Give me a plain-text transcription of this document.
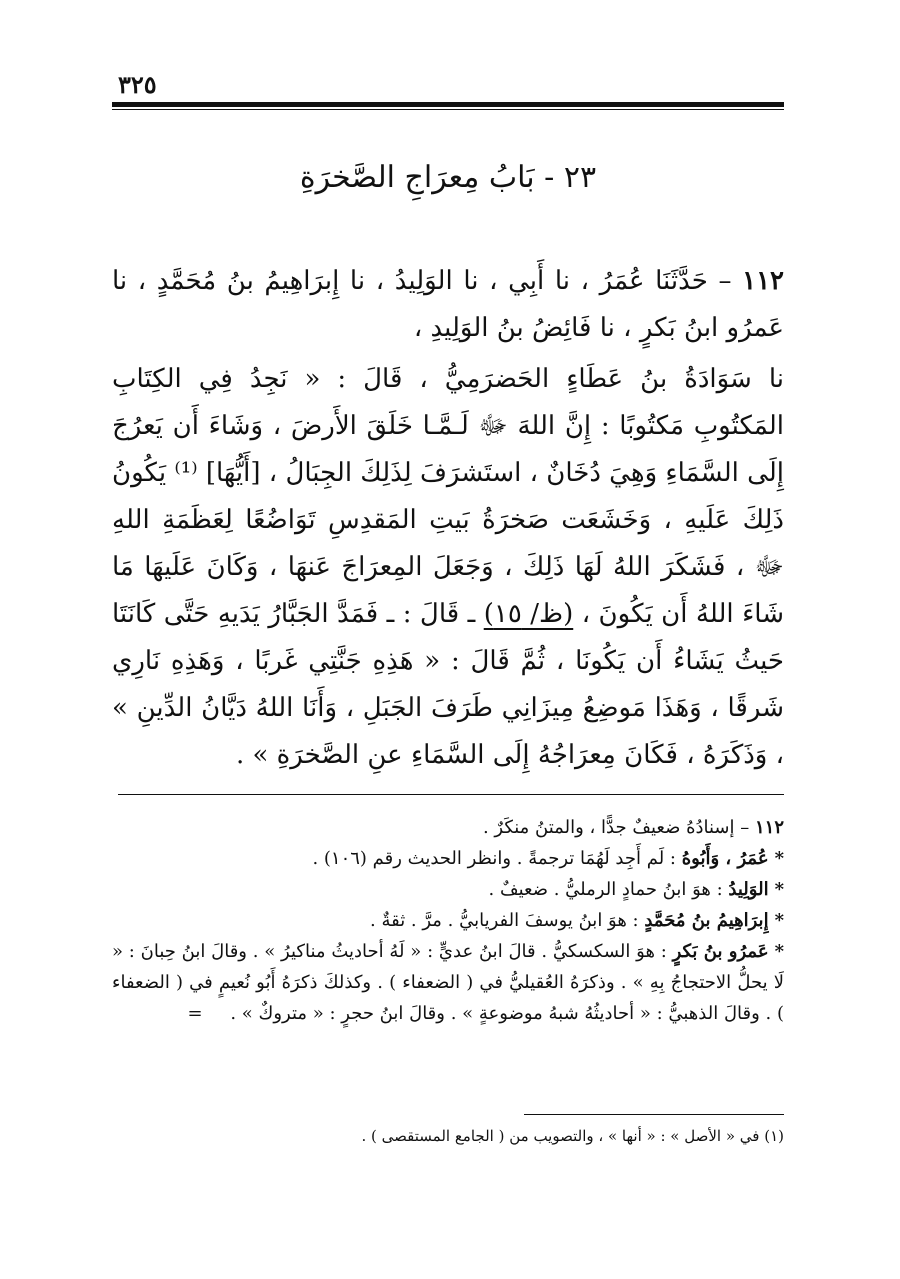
٣٢٥
٢٣ - بَابُ مِعرَاجِ الصَّخرَةِ

١١٢ – حَدَّثَنَا عُمَرُ ، نا أَبِي ، نا الوَلِيدُ ، نا إِبرَاهِيمُ بنُ مُحَمَّدٍ ، نا عَمرُو ابنُ بَكرٍ ، نا فَائِضُ بنُ الوَلِيدِ ،

نا سَوَادَةُ بنُ عَطَاءٍ الحَضرَمِيُّ ، قَالَ : « نَجِدُ فِي الكِتَابِ المَكتُوبِ مَكتُوبًا : إِنَّ اللهَ ﷻ لَـمَّـا خَلَقَ الأَرضَ ، وَشَاءَ أَن يَعرُجَ إِلَى السَّمَاءِ وَهِيَ دُخَانٌ ، استَشرَفَ لِذَلِكَ الجِبَالُ ، [أَيُّهَا] ⁽¹⁾ يَكُونُ ذَلِكَ عَلَيهِ ، وَخَشَعَت صَخرَةُ بَيتِ المَقدِسِ تَوَاضُعًا لِعَظَمَةِ اللهِ ﷻ ، فَشَكَرَ اللهُ لَهَا ذَلِكَ ، وَجَعَلَ المِعرَاجَ عَنهَا ، وَكَانَ عَلَيهَا مَا شَاءَ اللهُ أَن يَكُونَ ، (ظ/ ١٥) ـ قَالَ : ـ فَمَدَّ الجَبَّارُ يَدَيهِ حَتَّى كَانَتَا حَيثُ يَشَاءُ أَن يَكُونَا ، ثُمَّ قَالَ : « هَذِهِ جَنَّتِي غَربًا ، وَهَذِهِ نَارِي شَرقًا ، وَهَذَا مَوضِعُ مِيزَانِي طَرَفَ الجَبَلِ ، وَأَنَا اللهُ دَيَّانُ الدِّينِ » ، وَذَكَرَهُ ، فَكَانَ مِعرَاجُهُ إِلَى السَّمَاءِ عنِ الصَّخرَةِ » .

١١٢ – إسنادُهُ ضعيفٌ جدًّا ، والمتنُ منكَرٌ .

*عُمَرُ ، وَأَبُوهُ : لَم أَجِد لَهُمَا ترجمةً . وانظر الحديث رقم (١٠٦) .

*الوَلِيدُ : هوَ ابنُ حمادٍ الرمليُّ . ضعيفٌ .

*إِبرَاهِيمُ بنُ مُحَمَّدٍ : هوَ ابنُ يوسفَ الفريابيُّ . مرَّ . ثقةٌ .

*عَمرُو بنُ بَكرٍ : هوَ السكسكيُّ . قالَ ابنُ عديٍّ : « لَهُ أحاديثُ مناكيرُ » . وقالَ ابنُ حِبانَ : « لَا يحلُّ الاحتجاجُ بِهِ » . وذكرَهُ العُقيليُّ في ( الضعفاء ) . وكذلكَ ذكرَهُ أَبُو نُعيمٍ في ( الضعفاء ) . وقالَ الذهبيُّ : « أحاديثُهُ شبهُ موضوعةٍ » . وقالَ ابنُ حجرٍ : « متروكٌ » . =

(١) في « الأصل » : « أنها » ، والتصويب من ( الجامع المستقصى ) .
